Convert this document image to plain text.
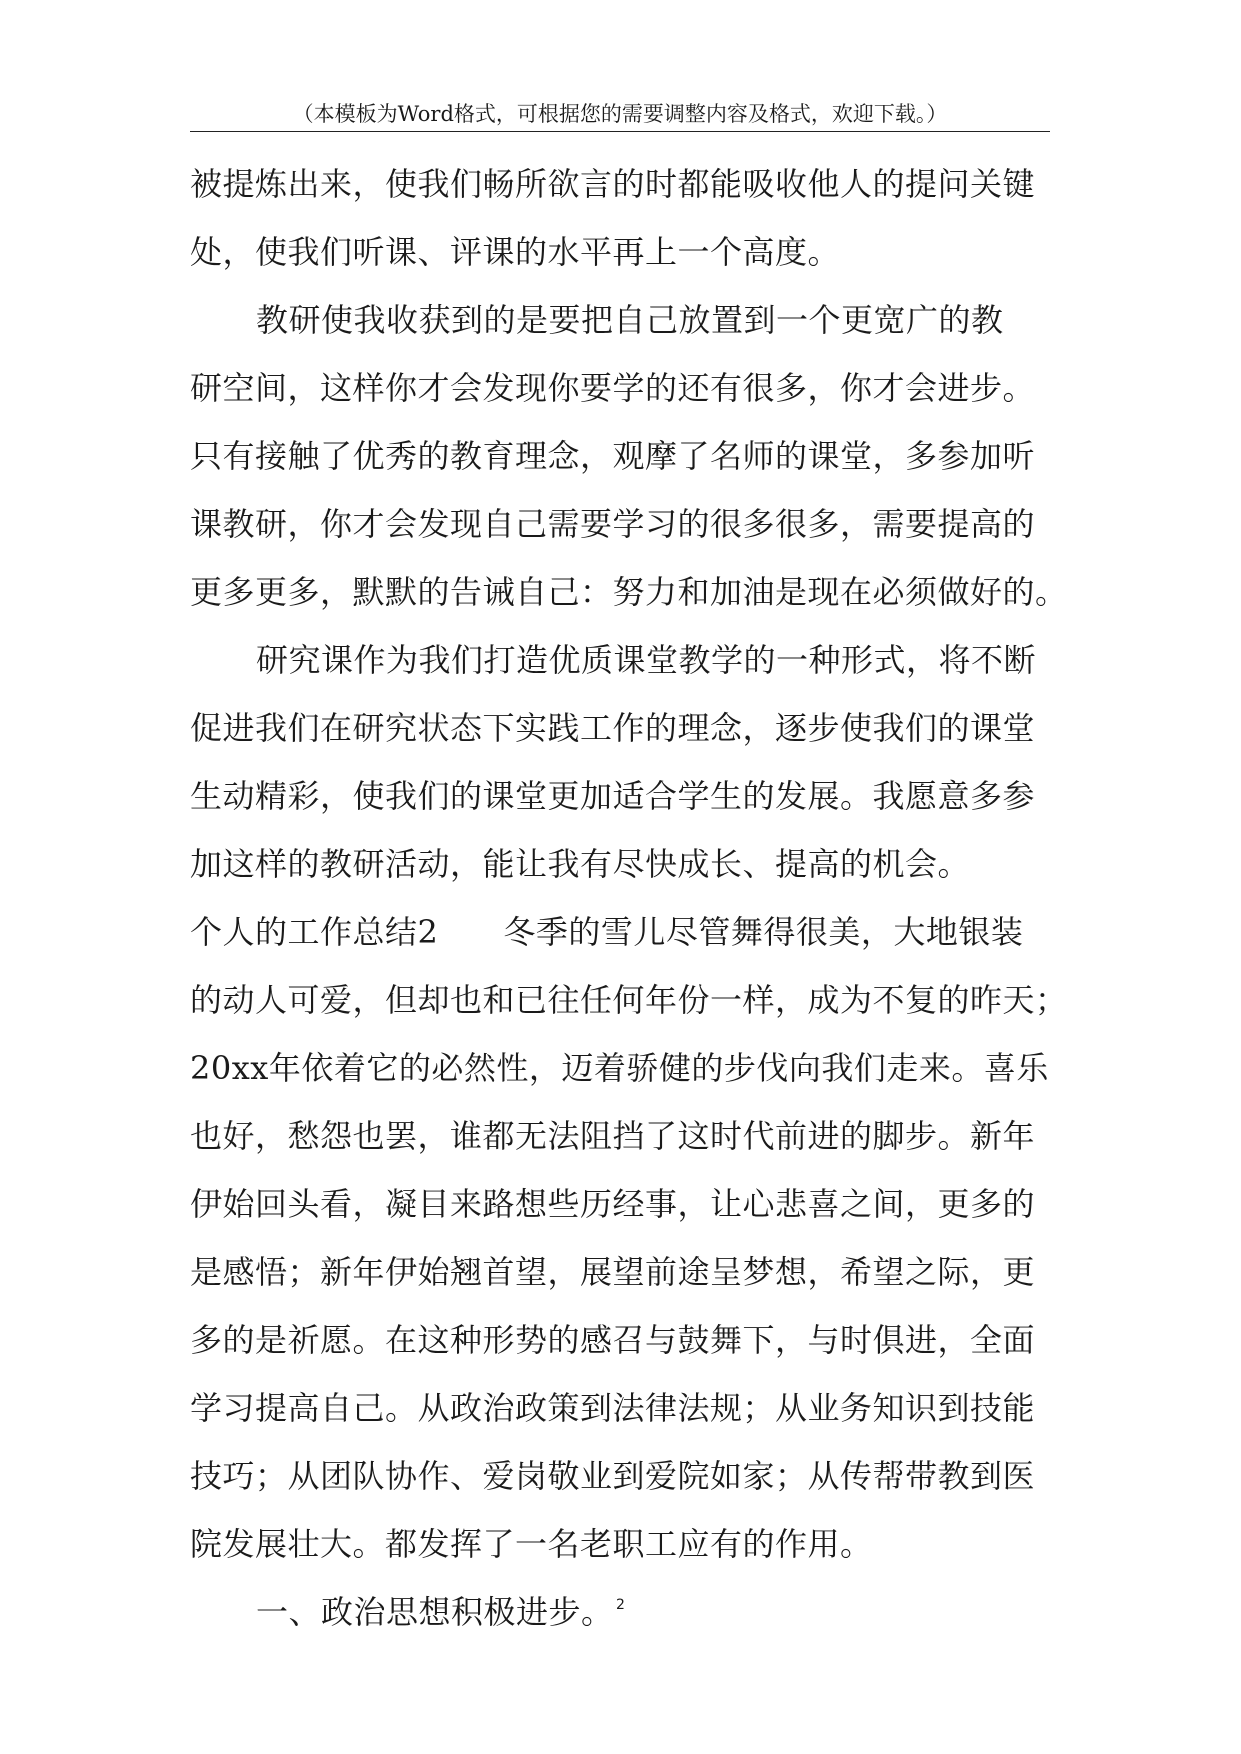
（本模板为Word格式，可根据您的需要调整内容及格式，欢迎下载。）
被提炼出来，使我们畅所欲言的时都能吸收他人的提问关键
处，使我们听课、评课的水平再上一个高度。
教研使我收获到的是要把自己放置到一个更宽广的教
研空间，这样你才会发现你要学的还有很多，你才会进步。
只有接触了优秀的教育理念，观摩了名师的课堂，多参加听
课教研，你才会发现自己需要学习的很多很多，需要提高的
更多更多，默默的告诫自己：努力和加油是现在必须做好的。
研究课作为我们打造优质课堂教学的一种形式，将不断
促进我们在研究状态下实践工作的理念，逐步使我们的课堂
生动精彩，使我们的课堂更加适合学生的发展。我愿意多参
加这样的教研活动，能让我有尽快成长、提高的机会。
个人的工作总结2　　冬季的雪儿尽管舞得很美，大地银装
的动人可爱，但却也和已往任何年份一样，成为不复的昨天；
20xx年依着它的必然性，迈着骄健的步伐向我们走来。喜乐
也好，愁怨也罢，谁都无法阻挡了这时代前进的脚步。新年
伊始回头看，凝目来路想些历经事，让心悲喜之间，更多的
是感悟；新年伊始翘首望，展望前途呈梦想，希望之际，更
多的是祈愿。在这种形势的感召与鼓舞下，与时俱进，全面
学习提高自己。从政治政策到法律法规；从业务知识到技能
技巧；从团队协作、爱岗敬业到爱院如家；从传帮带教到医
院发展壮大。都发挥了一名老职工应有的作用。
一、政治思想积极进步。 2
